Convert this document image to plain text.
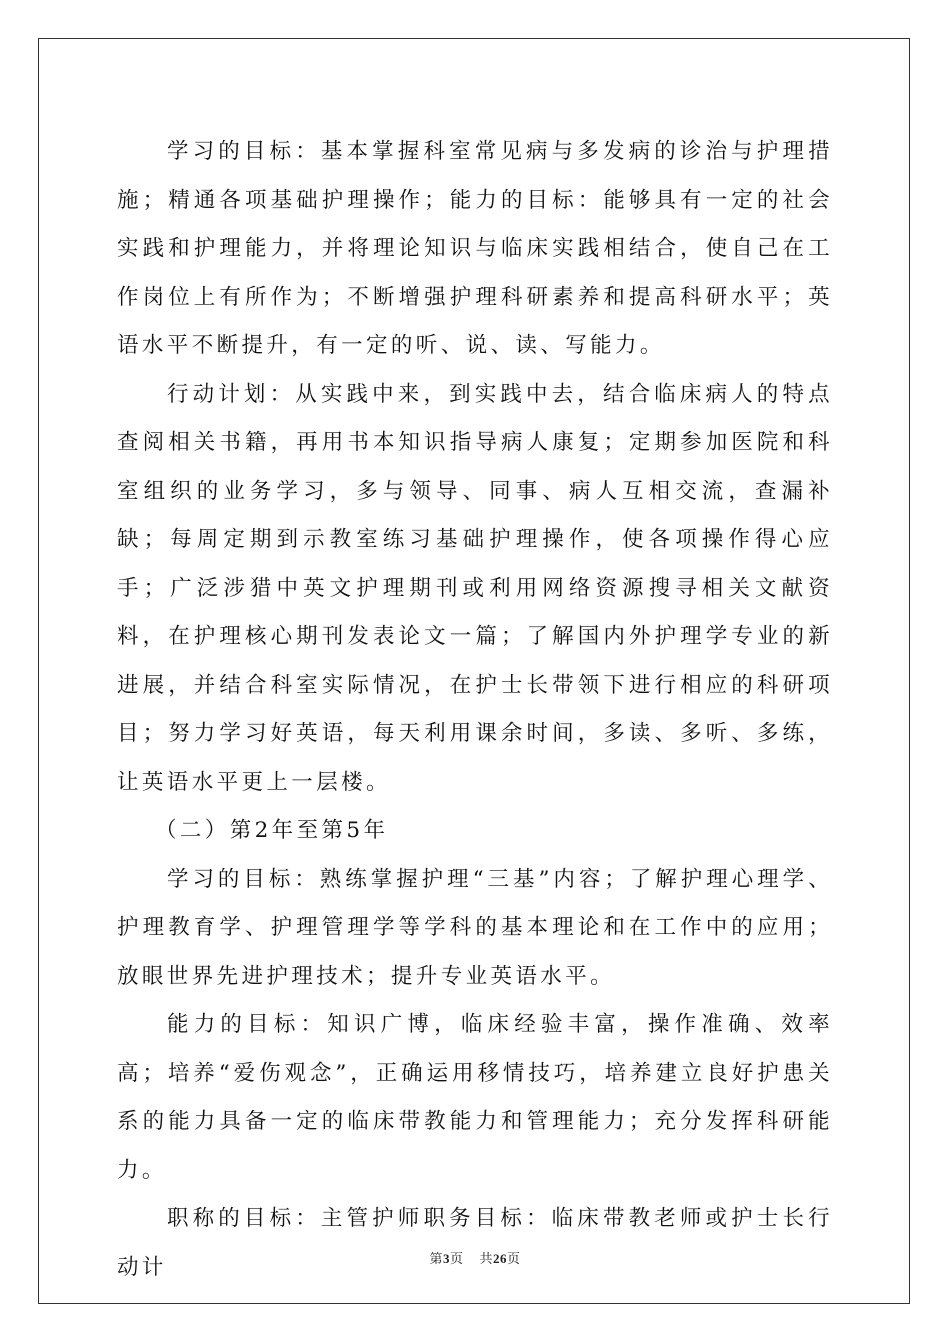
学习的目标：基本掌握科室常见病与多发病的诊治与护理措施；精通各项基础护理操作；能力的目标：能够具有一定的社会实践和护理能力，并将理论知识与临床实践相结合，使自己在工作岗位上有所作为；不断增强护理科研素养和提高科研水平；英语水平不断提升，有一定的听、说、读、写能力。

行动计划：从实践中来，到实践中去，结合临床病人的特点查阅相关书籍，再用书本知识指导病人康复；定期参加医院和科室组织的业务学习，多与领导、同事、病人互相交流，查漏补缺；每周定期到示教室练习基础护理操作，使各项操作得心应手；广泛涉猎中英文护理期刊或利用网络资源搜寻相关文献资料，在护理核心期刊发表论文一篇；了解国内外护理学专业的新进展，并结合科室实际情况，在护士长带领下进行相应的科研项目；努力学习好英语，每天利用课余时间，多读、多听、多练，让英语水平更上一层楼。

（二）第2年至第5年

学习的目标：熟练掌握护理“三基”内容；了解护理心理学、护理教育学、护理管理学等学科的基本理论和在工作中的应用；放眼世界先进护理技术；提升专业英语水平。

能力的目标：知识广博，临床经验丰富，操作准确、效率高；培养“爱伤观念”，正确运用移情技巧，培养建立良好护患关系的能力具备一定的临床带教能力和管理能力；充分发挥科研能力。

职称的目标：主管护师职务目标：临床带教老师或护士长行动计	第3页 共26页
